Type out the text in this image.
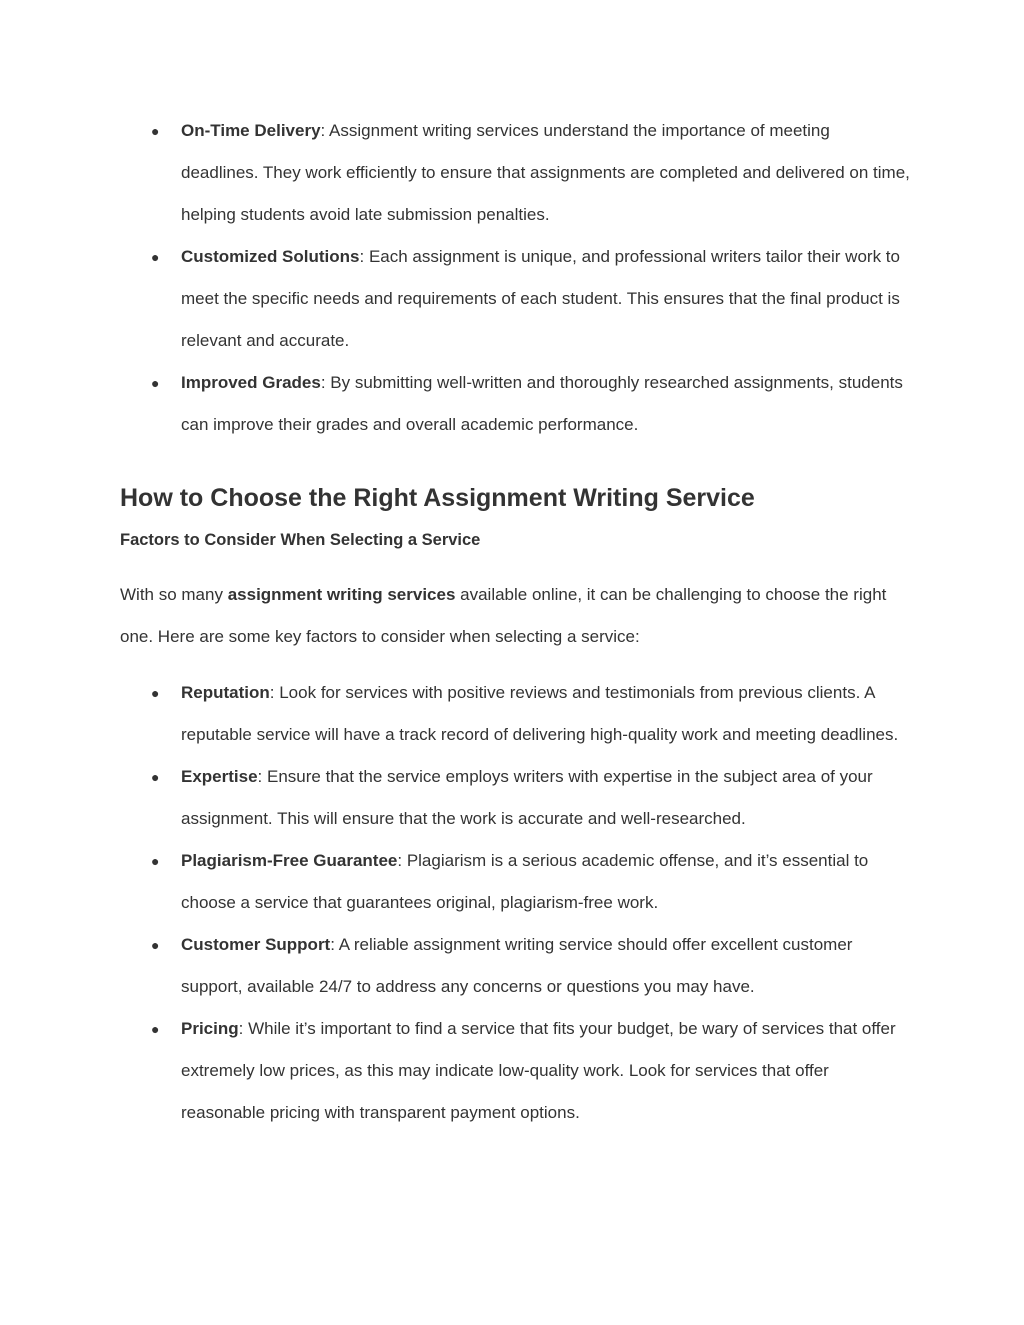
● On-Time Delivery: Assignment writing services understand the importance of meeting deadlines. They work efficiently to ensure that assignments are completed and delivered on time, helping students avoid late submission penalties.
● Customized Solutions: Each assignment is unique, and professional writers tailor their work to meet the specific needs and requirements of each student. This ensures that the final product is relevant and accurate.
● Improved Grades: By submitting well-written and thoroughly researched assignments, students can improve their grades and overall academic performance.
How to Choose the Right Assignment Writing Service
Factors to Consider When Selecting a Service

With so many assignment writing services available online, it can be challenging to choose the right one. Here are some key factors to consider when selecting a service:

● Reputation: Look for services with positive reviews and testimonials from previous clients. A reputable service will have a track record of delivering high-quality work and meeting deadlines.
● Expertise: Ensure that the service employs writers with expertise in the subject area of your assignment. This will ensure that the work is accurate and well-researched.
● Plagiarism-Free Guarantee: Plagiarism is a serious academic offense, and it’s essential to choose a service that guarantees original, plagiarism-free work.
● Customer Support: A reliable assignment writing service should offer excellent customer support, available 24/7 to address any concerns or questions you may have.
● Pricing: While it’s important to find a service that fits your budget, be wary of services that offer extremely low prices, as this may indicate low-quality work. Look for services that offer reasonable pricing with transparent payment options.
